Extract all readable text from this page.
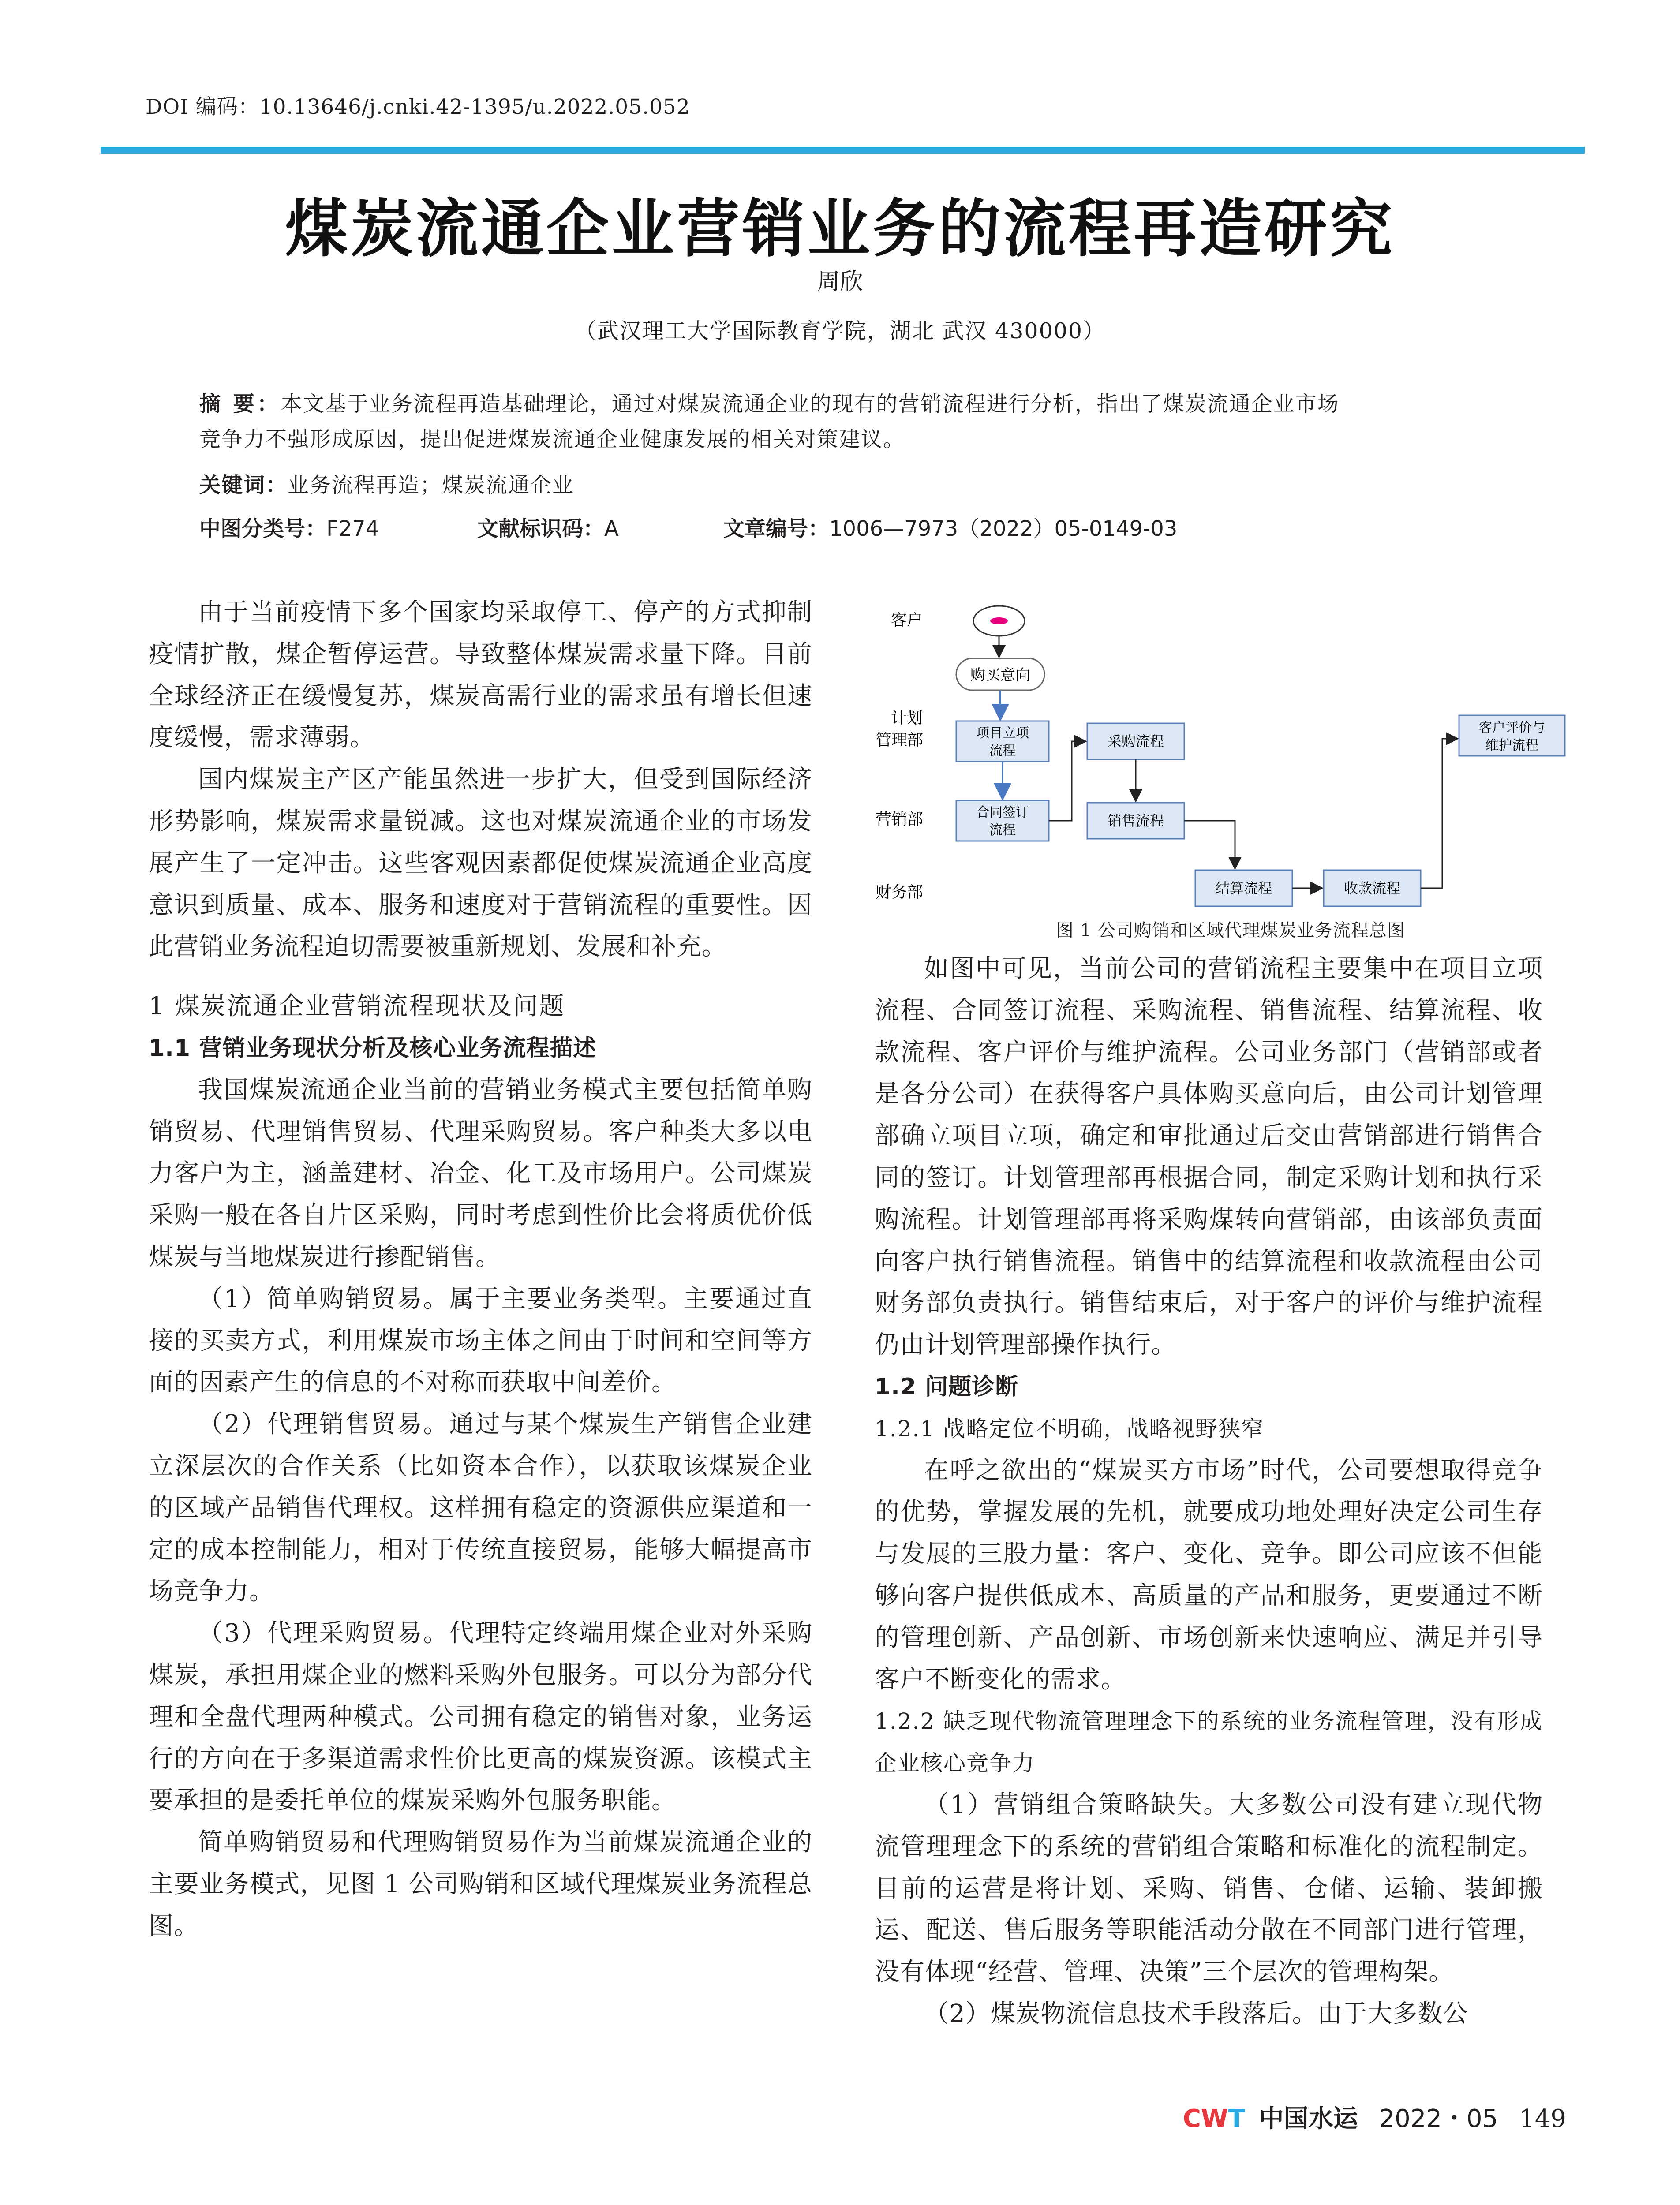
DOI 编码：10.13646/j.cnki.42-1395/u.2022.05.052
煤炭流通企业营销业务的流程再造研究
周欣
（武汉理工大学国际教育学院，湖北 武汉 430000）
摘 要：本文基于业务流程再造基础理论，通过对煤炭流通企业的现有的营销流程进行分析，指出了煤炭流通企业市场
竞争力不强形成原因，提出促进煤炭流通企业健康发展的相关对策建议。
关键词：业务流程再造；煤炭流通企业
中图分类号：F274	文献标识码：A	文章编号：1006—7973（2022）05-0149-03

由于当前疫情下多个国家均采取停工、停产的方式抑制疫情扩散，煤企暂停运营。导致整体煤炭需求量下降。目前全球经济正在缓慢复苏，煤炭高需行业的需求虽有增长但速度缓慢，需求薄弱。

国内煤炭主产区产能虽然进一步扩大，但受到国际经济形势影响，煤炭需求量锐减。这也对煤炭流通企业的市场发展产生了一定冲击。这些客观因素都促使煤炭流通企业高度意识到质量、成本、服务和速度对于营销流程的重要性。因此营销业务流程迫切需要被重新规划、发展和补充。

1 煤炭流通企业营销流程现状及问题

1.1 营销业务现状分析及核心业务流程描述

我国煤炭流通企业当前的营销业务模式主要包括简单购销贸易、代理销售贸易、代理采购贸易。客户种类大多以电力客户为主，涵盖建材、冶金、化工及市场用户。公司煤炭采购一般在各自片区采购，同时考虑到性价比会将质优价低煤炭与当地煤炭进行掺配销售。

（1）简单购销贸易。属于主要业务类型。主要通过直接的买卖方式，利用煤炭市场主体之间由于时间和空间等方面的因素产生的信息的不对称而获取中间差价。

（2）代理销售贸易。通过与某个煤炭生产销售企业建立深层次的合作关系（比如资本合作），以获取该煤炭企业的区域产品销售代理权。这样拥有稳定的资源供应渠道和一定的成本控制能力，相对于传统直接贸易，能够大幅提高市场竞争力。

（3）代理采购贸易。代理特定终端用煤企业对外采购煤炭，承担用煤企业的燃料采购外包服务。可以分为部分代理和全盘代理两种模式。公司拥有稳定的销售对象，业务运行的方向在于多渠道需求性价比更高的煤炭资源。该模式主要承担的是委托单位的煤炭采购外包服务职能。

简单购销贸易和代理购销贸易作为当前煤炭流通企业的主要业务模式，见图 1 公司购销和区域代理煤炭业务流程总图。

客户
计划
管理部
营销部
财务部
购买意向
项目立项
流程
合同签订
流程
采购流程
销售流程
结算流程	收款流程
客户评价与
维护流程
图 1 公司购销和区域代理煤炭业务流程总图

如图中可见，当前公司的营销流程主要集中在项目立项流程、合同签订流程、采购流程、销售流程、结算流程、收款流程、客户评价与维护流程。公司业务部门（营销部或者是各分公司）在获得客户具体购买意向后，由公司计划管理部确立项目立项，确定和审批通过后交由营销部进行销售合同的签订。计划管理部再根据合同，制定采购计划和执行采购流程。计划管理部再将采购煤转向营销部，由该部负责面向客户执行销售流程。销售中的结算流程和收款流程由公司财务部负责执行。销售结束后，对于客户的评价与维护流程仍由计划管理部操作执行。

1.2 问题诊断

1.2.1 战略定位不明确，战略视野狭窄

在呼之欲出的“煤炭买方市场”时代，公司要想取得竞争的优势，掌握发展的先机，就要成功地处理好决定公司生存与发展的三股力量：客户、变化、竞争。即公司应该不但能够向客户提供低成本、高质量的产品和服务，更要通过不断的管理创新、产品创新、市场创新来快速响应、满足并引导客户不断变化的需求。

1.2.2 缺乏现代物流管理理念下的系统的业务流程管理，没有形成企业核心竞争力

（1）营销组合策略缺失。大多数公司没有建立现代物流管理理念下的系统的营销组合策略和标准化的流程制定。目前的运营是将计划、采购、销售、仓储、运输、装卸搬运、配送、售后服务等职能活动分散在不同部门进行管理，没有体现“经营、管理、决策”三个层次的管理构架。

（2）煤炭物流信息技术手段落后。由于大多数公

CWT 中国水运 2022・05 149
